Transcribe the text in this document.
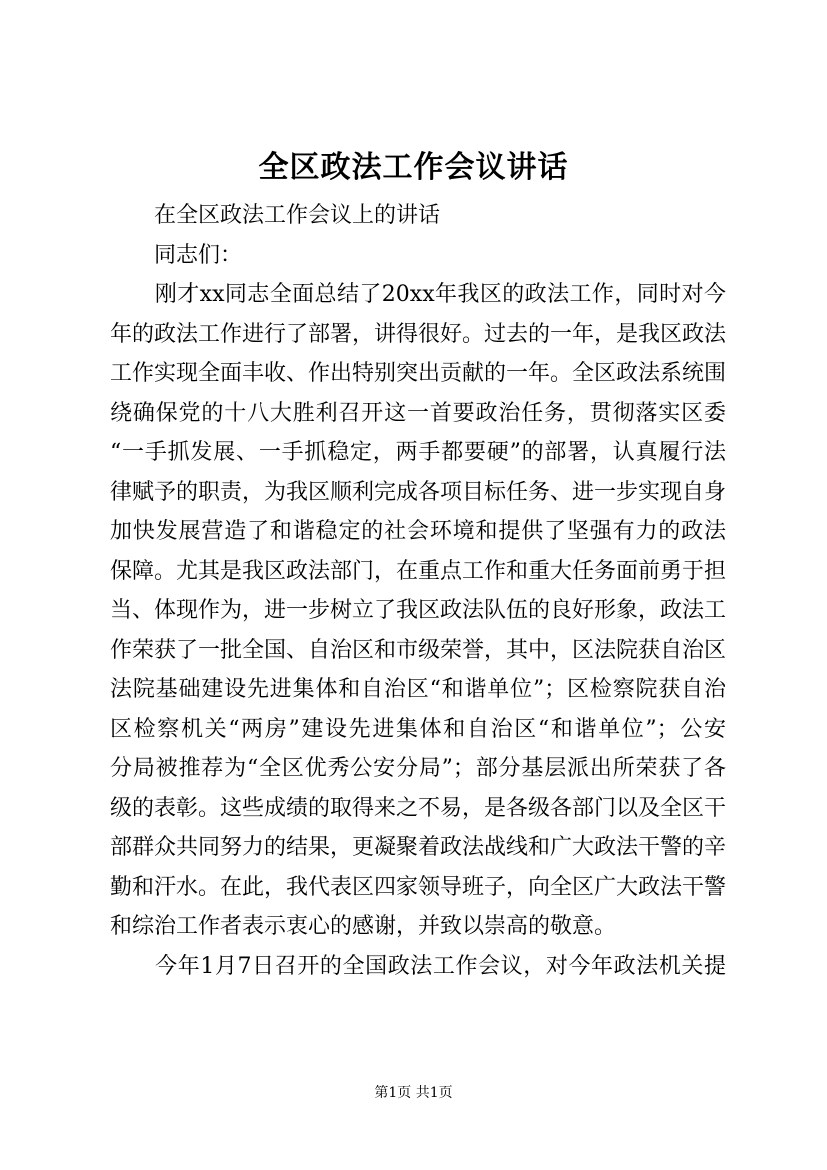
全区政法工作会议讲话
　　在全区政法工作会议上的讲话
　　同志们：
　　刚才xx同志全面总结了20xx年我区的政法工作，同时对今
年的政法工作进行了部署，讲得很好。过去的一年，是我区政法
工作实现全面丰收、作出特别突出贡献的一年。全区政法系统围
绕确保党的十八大胜利召开这一首要政治任务，贯彻落实区委
“一手抓发展、一手抓稳定，两手都要硬”的部署，认真履行法
律赋予的职责，为我区顺利完成各项目标任务、进一步实现自身
加快发展营造了和谐稳定的社会环境和提供了坚强有力的政法
保障。尤其是我区政法部门，在重点工作和重大任务面前勇于担
当、体现作为，进一步树立了我区政法队伍的良好形象，政法工
作荣获了一批全国、自治区和市级荣誉，其中，区法院获自治区
法院基础建设先进集体和自治区“和谐单位”；区检察院获自治
区检察机关“两房”建设先进集体和自治区“和谐单位”；公安
分局被推荐为“全区优秀公安分局”；部分基层派出所荣获了各
级的表彰。这些成绩的取得来之不易，是各级各部门以及全区干
部群众共同努力的结果，更凝聚着政法战线和广大政法干警的辛
勤和汗水。在此，我代表区四家领导班子，向全区广大政法干警
和综治工作者表示衷心的感谢，并致以崇高的敬意。
　　今年1月7日召开的全国政法工作会议，对今年政法机关提
第1页 共1页
